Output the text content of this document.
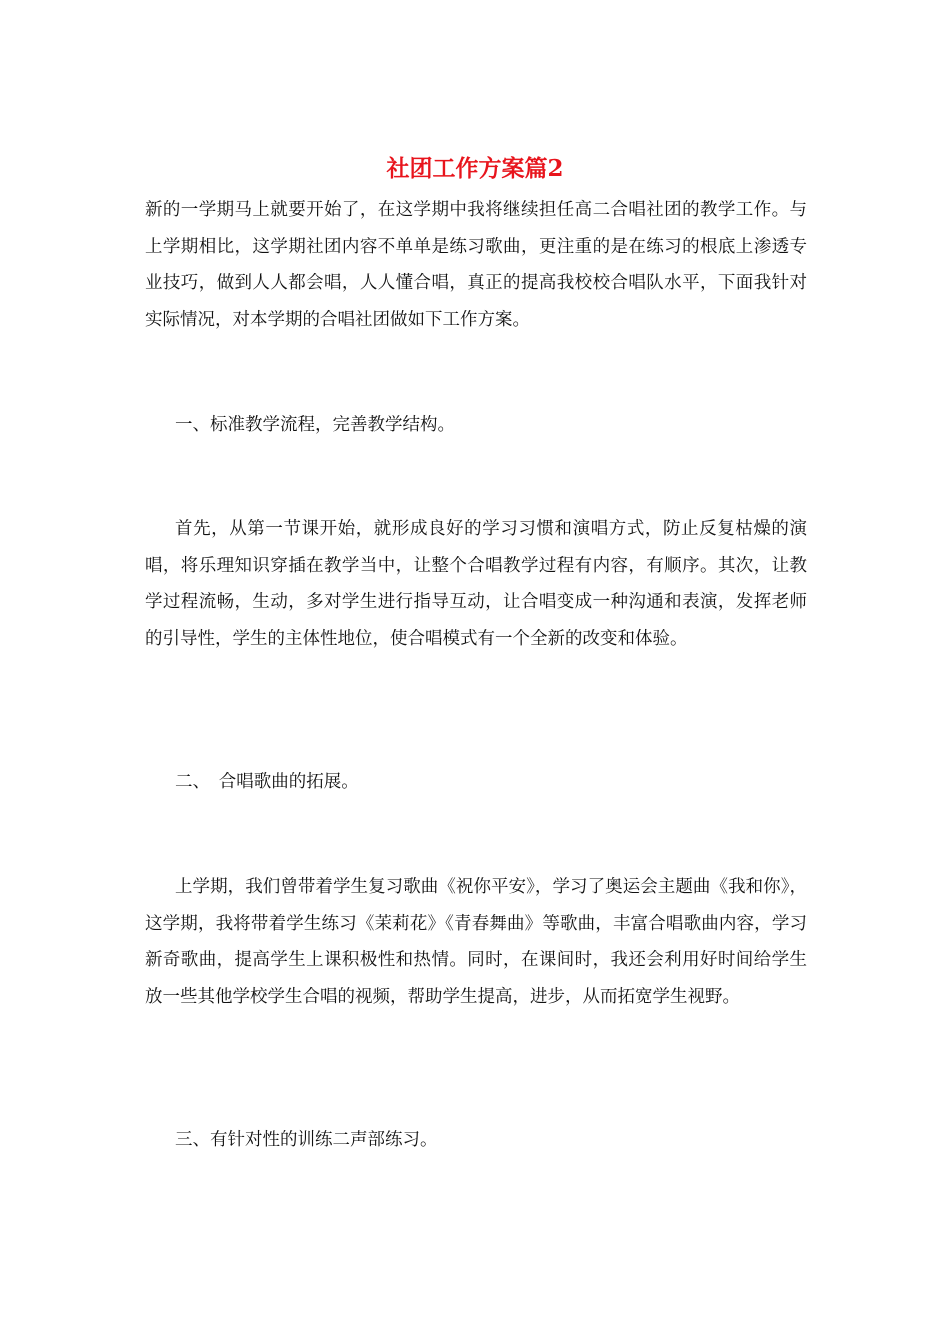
社团工作方案篇2

新的一学期马上就要开始了，在这学期中我将继续担任高二合唱社团的教学工作。与上学期相比，这学期社团内容不单单是练习歌曲，更注重的是在练习的根底上渗透专业技巧，做到人人都会唱，人人懂合唱，真正的提高我校校合唱队水平，下面我针对实际情况，对本学期的合唱社团做如下工作方案。

一、标准教学流程，完善教学结构。

首先，从第一节课开始，就形成良好的学习习惯和演唱方式，防止反复枯燥的演唱，将乐理知识穿插在教学当中，让整个合唱教学过程有内容，有顺序。其次，让教学过程流畅，生动，多对学生进行指导互动，让合唱变成一种沟通和表演，发挥老师的引导性，学生的主体性地位，使合唱模式有一个全新的改变和体验。

二、　合唱歌曲的拓展。

上学期，我们曾带着学生复习歌曲《祝你平安》，学习了奥运会主题曲《我和你》，这学期，我将带着学生练习《茉莉花》《青春舞曲》等歌曲，丰富合唱歌曲内容，学习新奇歌曲，提高学生上课积极性和热情。同时，在课间时，我还会利用好时间给学生放一些其他学校学生合唱的视频，帮助学生提高，进步，从而拓宽学生视野。

三、有针对性的训练二声部练习。
